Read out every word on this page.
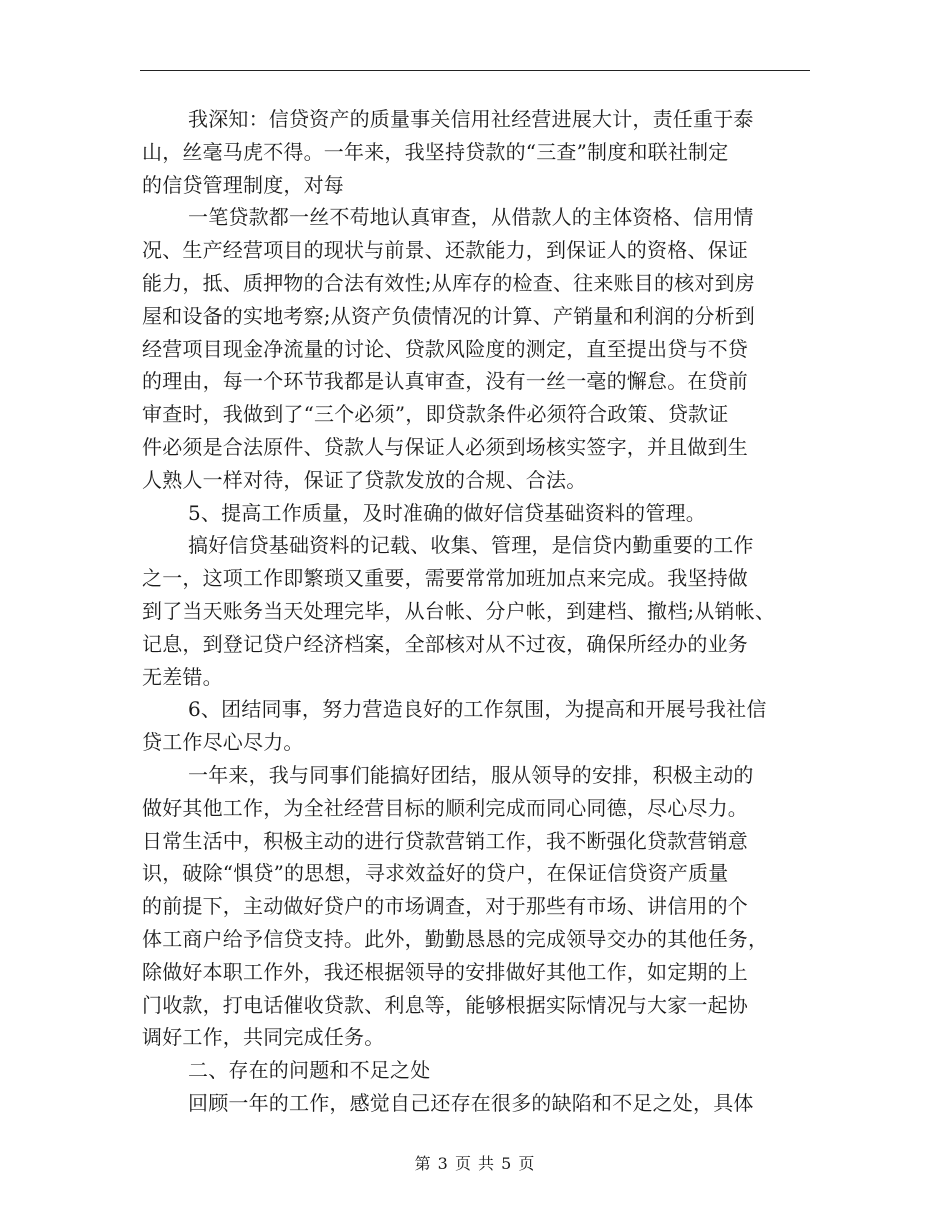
我深知：信贷资产的质量事关信用社经营进展大计，责任重于泰
山，丝毫马虎不得。一年来，我坚持贷款的“三查”制度和联社制定
的信贷管理制度，对每
一笔贷款都一丝不苟地认真审查，从借款人的主体资格、信用情
况、生产经营项目的现状与前景、还款能力，到保证人的资格、保证
能力，抵、质押物的合法有效性;从库存的检查、往来账目的核对到房
屋和设备的实地考察;从资产负债情况的计算、产销量和利润的分析到
经营项目现金净流量的讨论、贷款风险度的测定，直至提出贷与不贷
的理由，每一个环节我都是认真审查，没有一丝一毫的懈怠。在贷前
审查时，我做到了“三个必须”，即贷款条件必须符合政策、贷款证
件必须是合法原件、贷款人与保证人必须到场核实签字，并且做到生
人熟人一样对待，保证了贷款发放的合规、合法。
5、提高工作质量，及时准确的做好信贷基础资料的管理。
搞好信贷基础资料的记载、收集、管理，是信贷内勤重要的工作
之一，这项工作即繁琐又重要，需要常常加班加点来完成。我坚持做
到了当天账务当天处理完毕，从台帐、分户帐，到建档、撤档;从销帐、
记息，到登记贷户经济档案，全部核对从不过夜，确保所经办的业务
无差错。
6、团结同事，努力营造良好的工作氛围，为提高和开展号我社信
贷工作尽心尽力。
一年来，我与同事们能搞好团结，服从领导的安排，积极主动的
做好其他工作，为全社经营目标的顺利完成而同心同德，尽心尽力。
日常生活中，积极主动的进行贷款营销工作，我不断强化贷款营销意
识，破除“惧贷”的思想，寻求效益好的贷户，在保证信贷资产质量
的前提下，主动做好贷户的市场调查，对于那些有市场、讲信用的个
体工商户给予信贷支持。此外，勤勤恳恳的完成领导交办的其他任务，
除做好本职工作外，我还根据领导的安排做好其他工作，如定期的上
门收款，打电话催收贷款、利息等，能够根据实际情况与大家一起协
调好工作，共同完成任务。
二、存在的问题和不足之处
回顾一年的工作，感觉自己还存在很多的缺陷和不足之处，具体
第 3 页 共 5 页
